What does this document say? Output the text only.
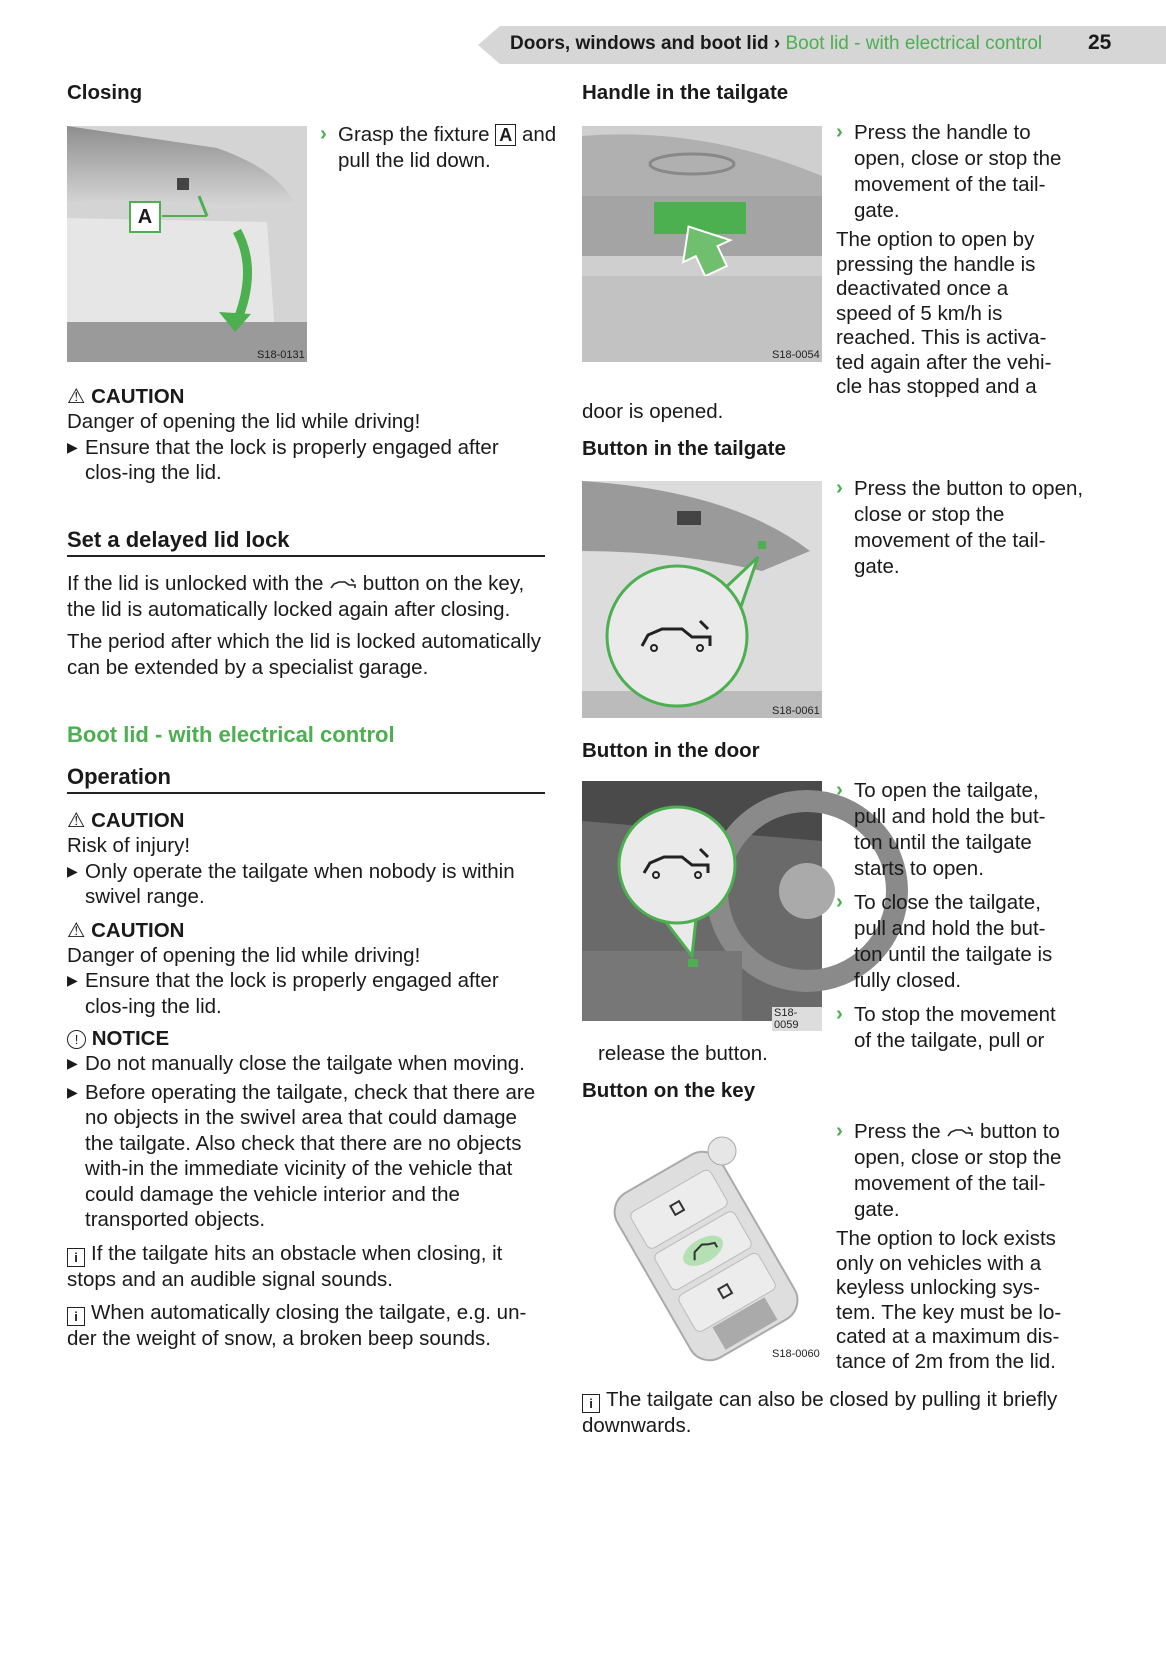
Doors, windows and boot lid › Boot lid - with electrical control 25
Closing
A
S18-0131
› Grasp the fixture A and pull the lid down.
⚠ CAUTION
Danger of opening the lid while driving!
▶ Ensure that the lock is properly engaged after clos-ing the lid.
Set a delayed lid lock

If the lid is unlocked with the button on the key, the lid is automatically locked again after closing.

The period after which the lid is locked automatically can be extended by a specialist garage.

Boot lid - with electrical control
Operation
⚠ CAUTION
Risk of injury!
▶ Only operate the tailgate when nobody is within swivel range.
⚠ CAUTION
Danger of opening the lid while driving!
▶ Ensure that the lock is properly engaged after clos-ing the lid.
! NOTICE
▶ Do not manually close the tailgate when moving.
▶ Before operating the tailgate, check that there are no objects in the swivel area that could damage the tailgate. Also check that there are no objects with-in the immediate vicinity of the vehicle that could damage the vehicle interior and the transported objects.
i If the tailgate hits an obstacle when closing, it stops and an audible signal sounds.
i When automatically closing the tailgate, e.g. un-der the weight of snow, a broken beep sounds.
Handle in the tailgate
S18-0054
› Press the handle to open, close or stop the movement of the tail-gate.

The option to open by pressing the handle is deactivated once a speed of 5 km/h is reached. This is activa-ted again after the vehi-cle has stopped and a

door is opened.

Button in the tailgate
S18-0061
› Press the button to open, close or stop the movement of the tail-gate.
Button in the door
S18-0059
› To open the tailgate, pull and hold the but-ton until the tailgate starts to open.
› To close the tailgate, pull and hold the but-ton until the tailgate is fully closed.
› To stop the movement of the tailgate, pull or

release the button.

Button on the key
S18-0060
› Press the button to open, close or stop the movement of the tail-gate.

The option to lock exists only on vehicles with a keyless unlocking sys-tem. The key must be lo-cated at a maximum dis-tance of 2m from the lid.

i The tailgate can also be closed by pulling it briefly downwards.
